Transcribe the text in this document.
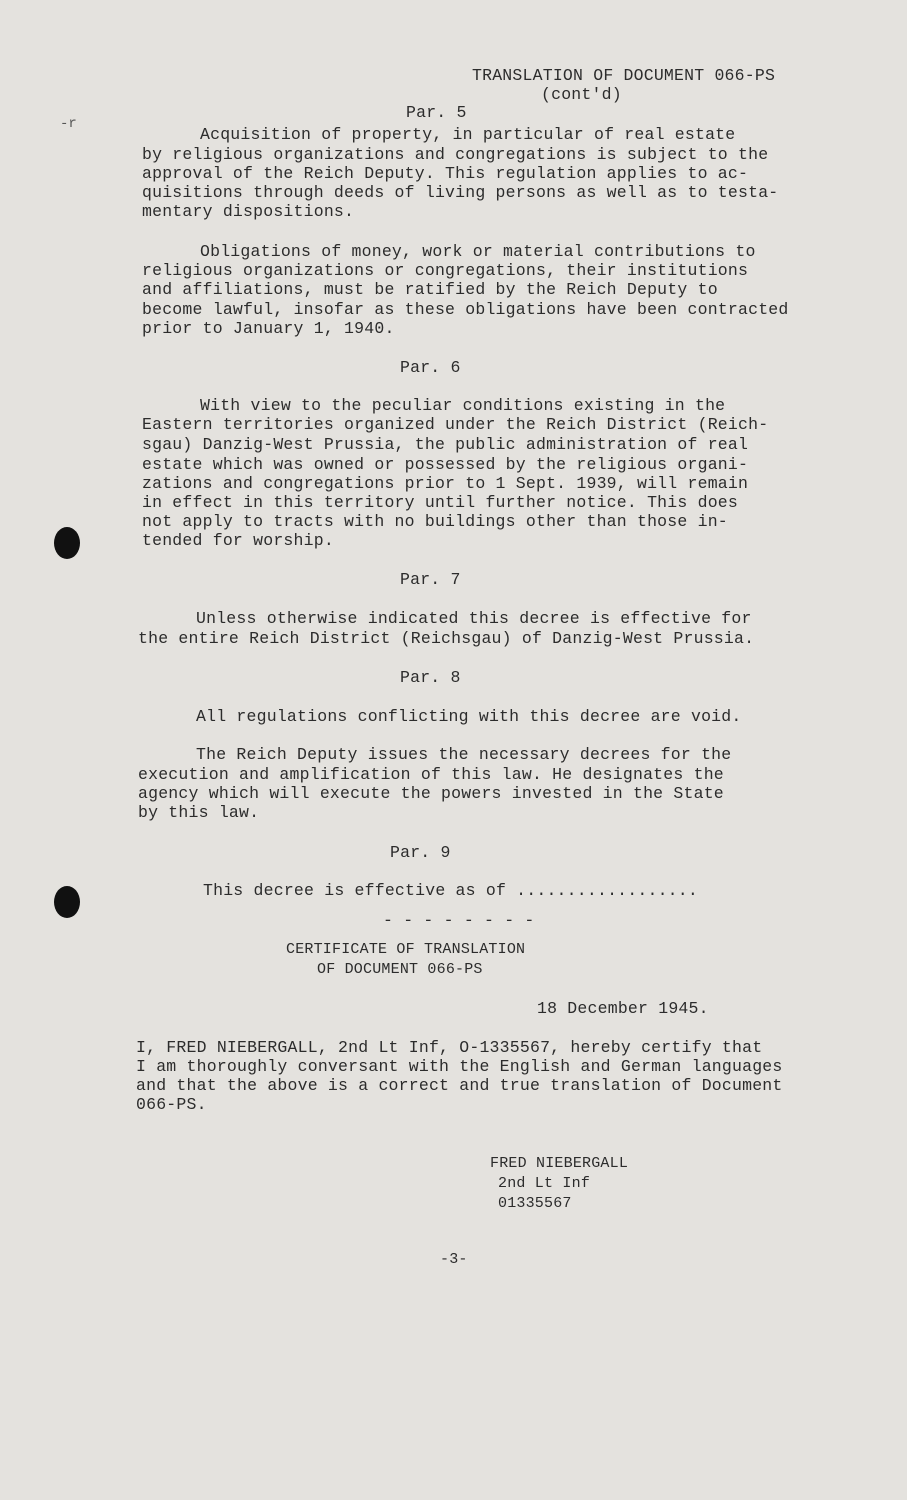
-r
TRANSLATION OF DOCUMENT 066-PS
(cont'd)
Par. 5
Acquisition of property, in particular of real estate
by religious organizations and congregations is subject to the
approval of the Reich Deputy. This regulation applies to ac-
quisitions through deeds of living persons as well as to testa-
mentary dispositions.
Obligations of money, work or material contributions to
religious organizations or congregations, their institutions
and affiliations, must be ratified by the Reich Deputy to
become lawful, insofar as these obligations have been contracted
prior to January 1, 1940.
Par. 6
With view to the peculiar conditions existing in the
Eastern territories organized under the Reich District (Reich-
sgau) Danzig-West Prussia, the public administration of real
estate which was owned or possessed by the religious organi-
zations and congregations prior to 1 Sept. 1939, will remain
in effect in this territory until further notice. This does
not apply to tracts with no buildings other than those in-
tended for worship.
Par. 7
Unless otherwise indicated this decree is effective for
the entire Reich District (Reichsgau) of Danzig-West Prussia.
Par. 8
All regulations conflicting with this decree are void.
The Reich Deputy issues the necessary decrees for the
execution and amplification of this law. He designates the
agency which will execute the powers invested in the State
by this law.
Par. 9
This decree is effective as of ..................
- - - - - - - -
CERTIFICATE OF TRANSLATION
OF DOCUMENT 066-PS
18 December 1945.
I, FRED NIEBERGALL, 2nd Lt Inf, O-1335567, hereby certify that
I am thoroughly conversant with the English and German languages
and that the above is a correct and true translation of Document
066-PS.
FRED NIEBERGALL
2nd Lt Inf
01335567
-3-
